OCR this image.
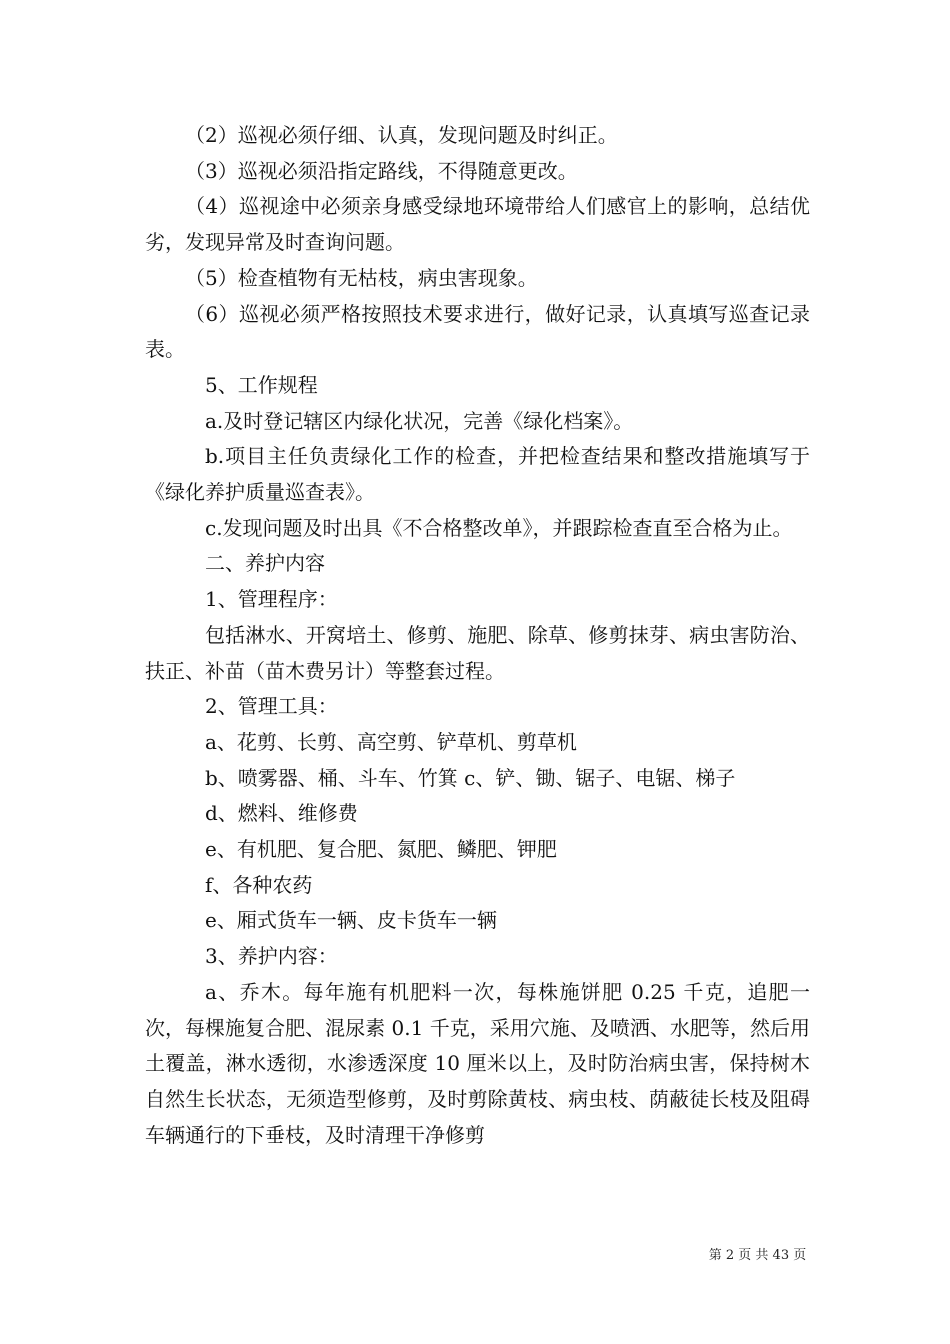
（2）巡视必须仔细、认真，发现问题及时纠正。

（3）巡视必须沿指定路线，不得随意更改。

（4）巡视途中必须亲身感受绿地环境带给人们感官上的影响，总结优劣，发现异常及时查询问题。

（5）检查植物有无枯枝，病虫害现象。

（6）巡视必须严格按照技术要求进行，做好记录，认真填写巡查记录表。

5、工作规程

a.及时登记辖区内绿化状况，完善《绿化档案》。

b.项目主任负责绿化工作的检查，并把检查结果和整改措施填写于《绿化养护质量巡查表》。

c.发现问题及时出具《不合格整改单》，并跟踪检查直至合格为止。

二、养护内容

1、管理程序：

包括淋水、开窝培土、修剪、施肥、除草、修剪抹芽、病虫害防治、扶正、补苗（苗木费另计）等整套过程。

2、管理工具：

a、花剪、长剪、高空剪、铲草机、剪草机

b、喷雾器、桶、斗车、竹箕 c、铲、锄、锯子、电锯、梯子

d、燃料、维修费

e、有机肥、复合肥、氮肥、鳞肥、钾肥

f、各种农药

e、厢式货车一辆、皮卡货车一辆

3、养护内容：

a、乔木。每年施有机肥料一次，每株施饼肥 0.25 千克，追肥一次，每棵施复合肥、混尿素 0.1 千克，采用穴施、及喷洒、水肥等，然后用土覆盖，淋水透彻，水渗透深度 10 厘米以上，及时防治病虫害，保持树木自然生长状态，无须造型修剪，及时剪除黄枝、病虫枝、荫蔽徒长枝及阻碍车辆通行的下垂枝，及时清理干净修剪

第 2 页 共 43 页
